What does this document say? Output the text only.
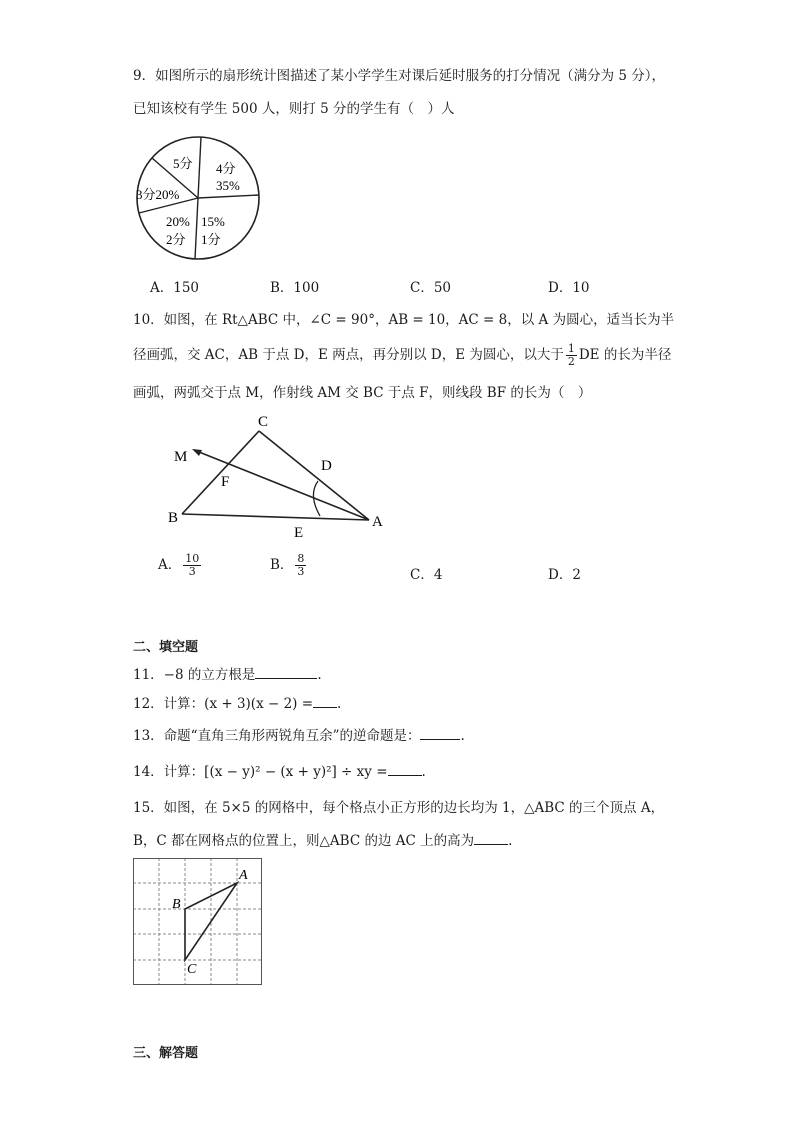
9．如图所示的扇形统计图描述了某小学学生对课后延时服务的打分情况（满分为 5 分），
已知该校有学生 500 人，则打 5 分的学生有（　）人
5分 4分
35%
3分20%
20%
2分
15%
1分
A．150	B．100	C．50	D．10
10．如图，在 Rt△ABC 中，∠C = 90°，AB = 10，AC = 8，以 A 为圆心，适当长为半
径画弧，交 AC，AB 于点 D，E 两点，再分别以 D，E 为圆心，以大于 $\frac{1}{2}$ DE 的长为半径
画弧，两弧交于点 M，作射线 AM 交 BC 于点 F，则线段 BF 的长为（　）
C
M
D
F
B
E
A
A． $\frac{10}{3}$	B． $\frac{8}{3}$	C．4	D．2
二、填空题
11．−8 的立方根是	.
12．计算：(x + 3)(x − 2) = .
13．命题“直角三角形两锐角互余”的逆命题是：	.
14．计算：[(x − y)² − (x + y)²] ÷ xy =	.
15．如图，在 5×5 的网格中，每个格点小正方形的边长均为 1，△ABC 的三个顶点 A，
B，C 都在网格点的位置上，则△ABC 的边 AC 上的高为	.
A
B
C
三、解答题
